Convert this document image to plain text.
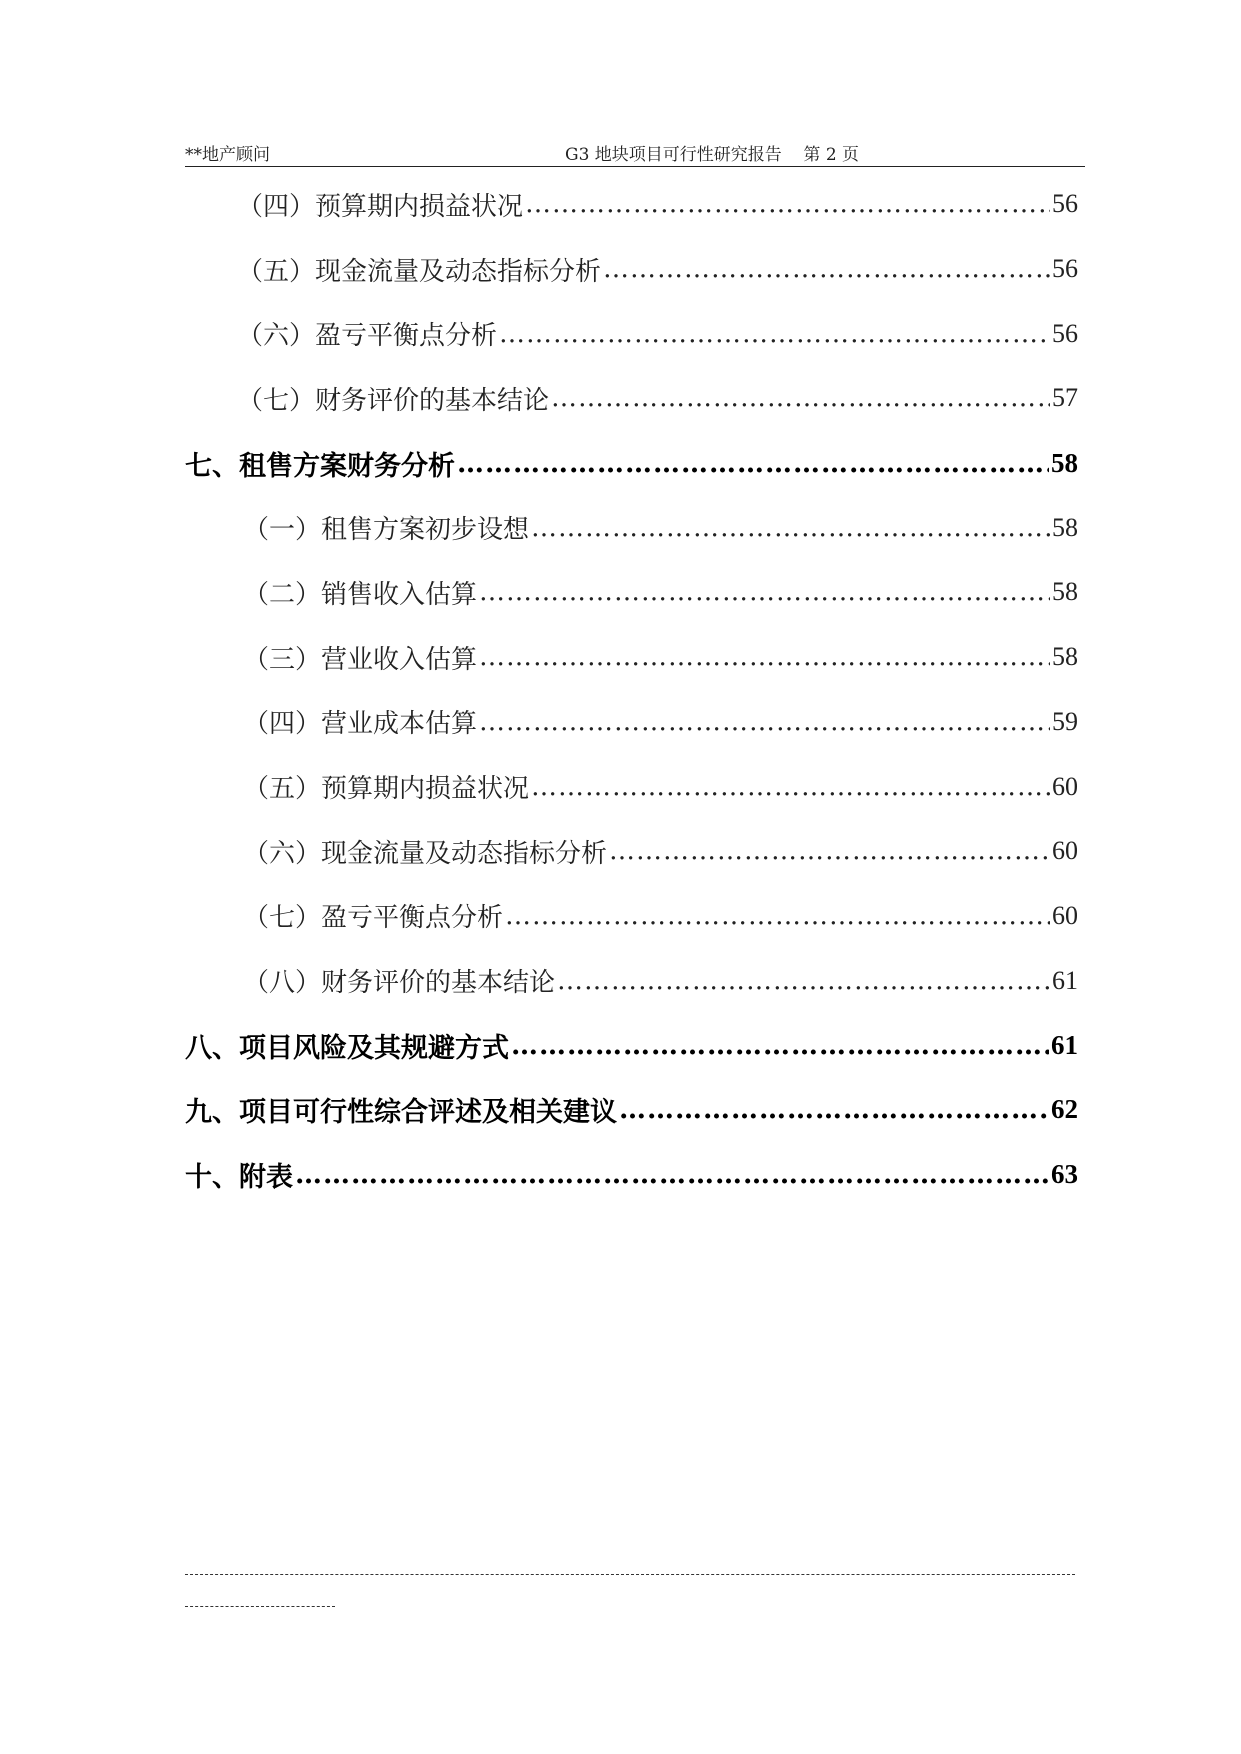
**地产顾问	G3 地块项目可行性研究报告    第 2 页
（四）预算期内损益状况 …………………………………………………………………………………………………………………………………………	56
（五）现金流量及动态指标分析 …………………………………………………………………………………………………………………………………………	56
（六）盈亏平衡点分析 …………………………………………………………………………………………………………………………………………	56
（七）财务评价的基本结论 …………………………………………………………………………………………………………………………………………	57
七、租售方案财务分析 …………………………………………………………………………………………………………………………………………	58
（一）租售方案初步设想 …………………………………………………………………………………………………………………………………………	58
（二）销售收入估算 …………………………………………………………………………………………………………………………………………	58
（三）营业收入估算 …………………………………………………………………………………………………………………………………………	58
（四）营业成本估算 …………………………………………………………………………………………………………………………………………	59
（五）预算期内损益状况 …………………………………………………………………………………………………………………………………………	60
（六）现金流量及动态指标分析 …………………………………………………………………………………………………………………………………………	60
（七）盈亏平衡点分析 …………………………………………………………………………………………………………………………………………	60
（八）财务评价的基本结论 …………………………………………………………………………………………………………………………………………	61
八、项目风险及其规避方式 …………………………………………………………………………………………………………………………………………	61
九、项目可行性综合评述及相关建议 …………………………………………………………………………………………………………………………………………	62
十、附表 …………………………………………………………………………………………………………………………………………	63
